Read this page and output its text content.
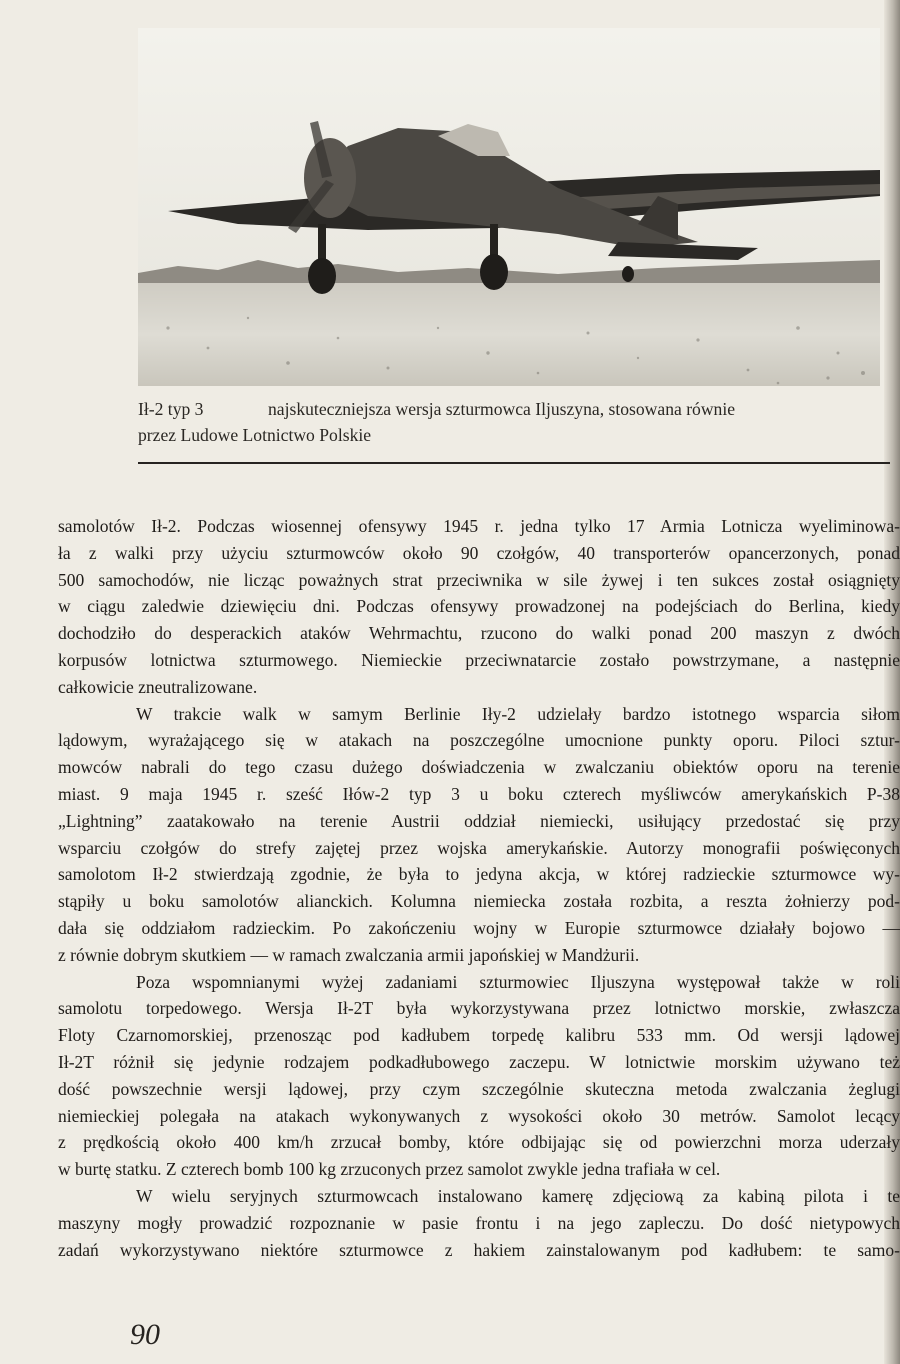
Ił-2 typ 3	najskuteczniejsza wersja szturmowca Iljuszyna, stosowana równie
przez Ludowe Lotnictwo Polskie
samolotów Ił-2. Podczas wiosennej ofensywy 1945 r. jedna tylko 17 Armia Lotnicza wyeliminowa-
ła z walki przy użyciu szturmowców około 90 czołgów, 40 transporterów opancerzonych, ponad
500 samochodów, nie licząc poważnych strat przeciwnika w sile żywej i ten sukces został osiągnięty
w ciągu zaledwie dziewięciu dni. Podczas ofensywy prowadzonej na podejściach do Berlina, kiedy
dochodziło do desperackich ataków Wehrmachtu, rzucono do walki ponad 200 maszyn z dwóch
korpusów lotnictwa szturmowego. Niemieckie przeciwnatarcie zostało powstrzymane, a następnie
całkowicie zneutralizowane.
W trakcie walk w samym Berlinie Iły-2 udzielały bardzo istotnego wsparcia siłom
lądowym, wyrażającego się w atakach na poszczególne umocnione punkty oporu. Piloci sztur-
mowców nabrali do tego czasu dużego doświadczenia w zwalczaniu obiektów oporu na terenie
miast. 9 maja 1945 r. sześć Iłów-2 typ 3 u boku czterech myśliwców amerykańskich P-38
„Lightning” zaatakowało na terenie Austrii oddział niemiecki, usiłujący przedostać się przy
wsparciu czołgów do strefy zajętej przez wojska amerykańskie. Autorzy monografii poświęconych
samolotom Ił-2 stwierdzają zgodnie, że była to jedyna akcja, w której radzieckie szturmowce wy-
stąpiły u boku samolotów alianckich. Kolumna niemiecka została rozbita, a reszta żołnierzy pod-
dała się oddziałom radzieckim. Po zakończeniu wojny w Europie szturmowce działały bojowo —
z równie dobrym skutkiem — w ramach zwalczania armii japońskiej w Mandżurii.
Poza wspomnianymi wyżej zadaniami szturmowiec Iljuszyna występował także w roli
samolotu torpedowego. Wersja Ił-2T była wykorzystywana przez lotnictwo morskie, zwłaszcza
Floty Czarnomorskiej, przenosząc pod kadłubem torpedę kalibru 533 mm. Od wersji lądowej
Ił-2T różnił się jedynie rodzajem podkadłubowego zaczepu. W lotnictwie morskim używano też
dość powszechnie wersji lądowej, przy czym szczególnie skuteczna metoda zwalczania żeglugi
niemieckiej polegała na atakach wykonywanych z wysokości około 30 metrów. Samolot lecący
z prędkością około 400 km/h zrzucał bomby, które odbijając się od powierzchni morza uderzały
w burtę statku. Z czterech bomb 100 kg zrzuconych przez samolot zwykle jedna trafiała w cel.
W wielu seryjnych szturmowcach instalowano kamerę zdjęciową za kabiną pilota i te
maszyny mogły prowadzić rozpoznanie w pasie frontu i na jego zapleczu. Do dość nietypowych
zadań wykorzystywano niektóre szturmowce z hakiem zainstalowanym pod kadłubem: te samo-
90
